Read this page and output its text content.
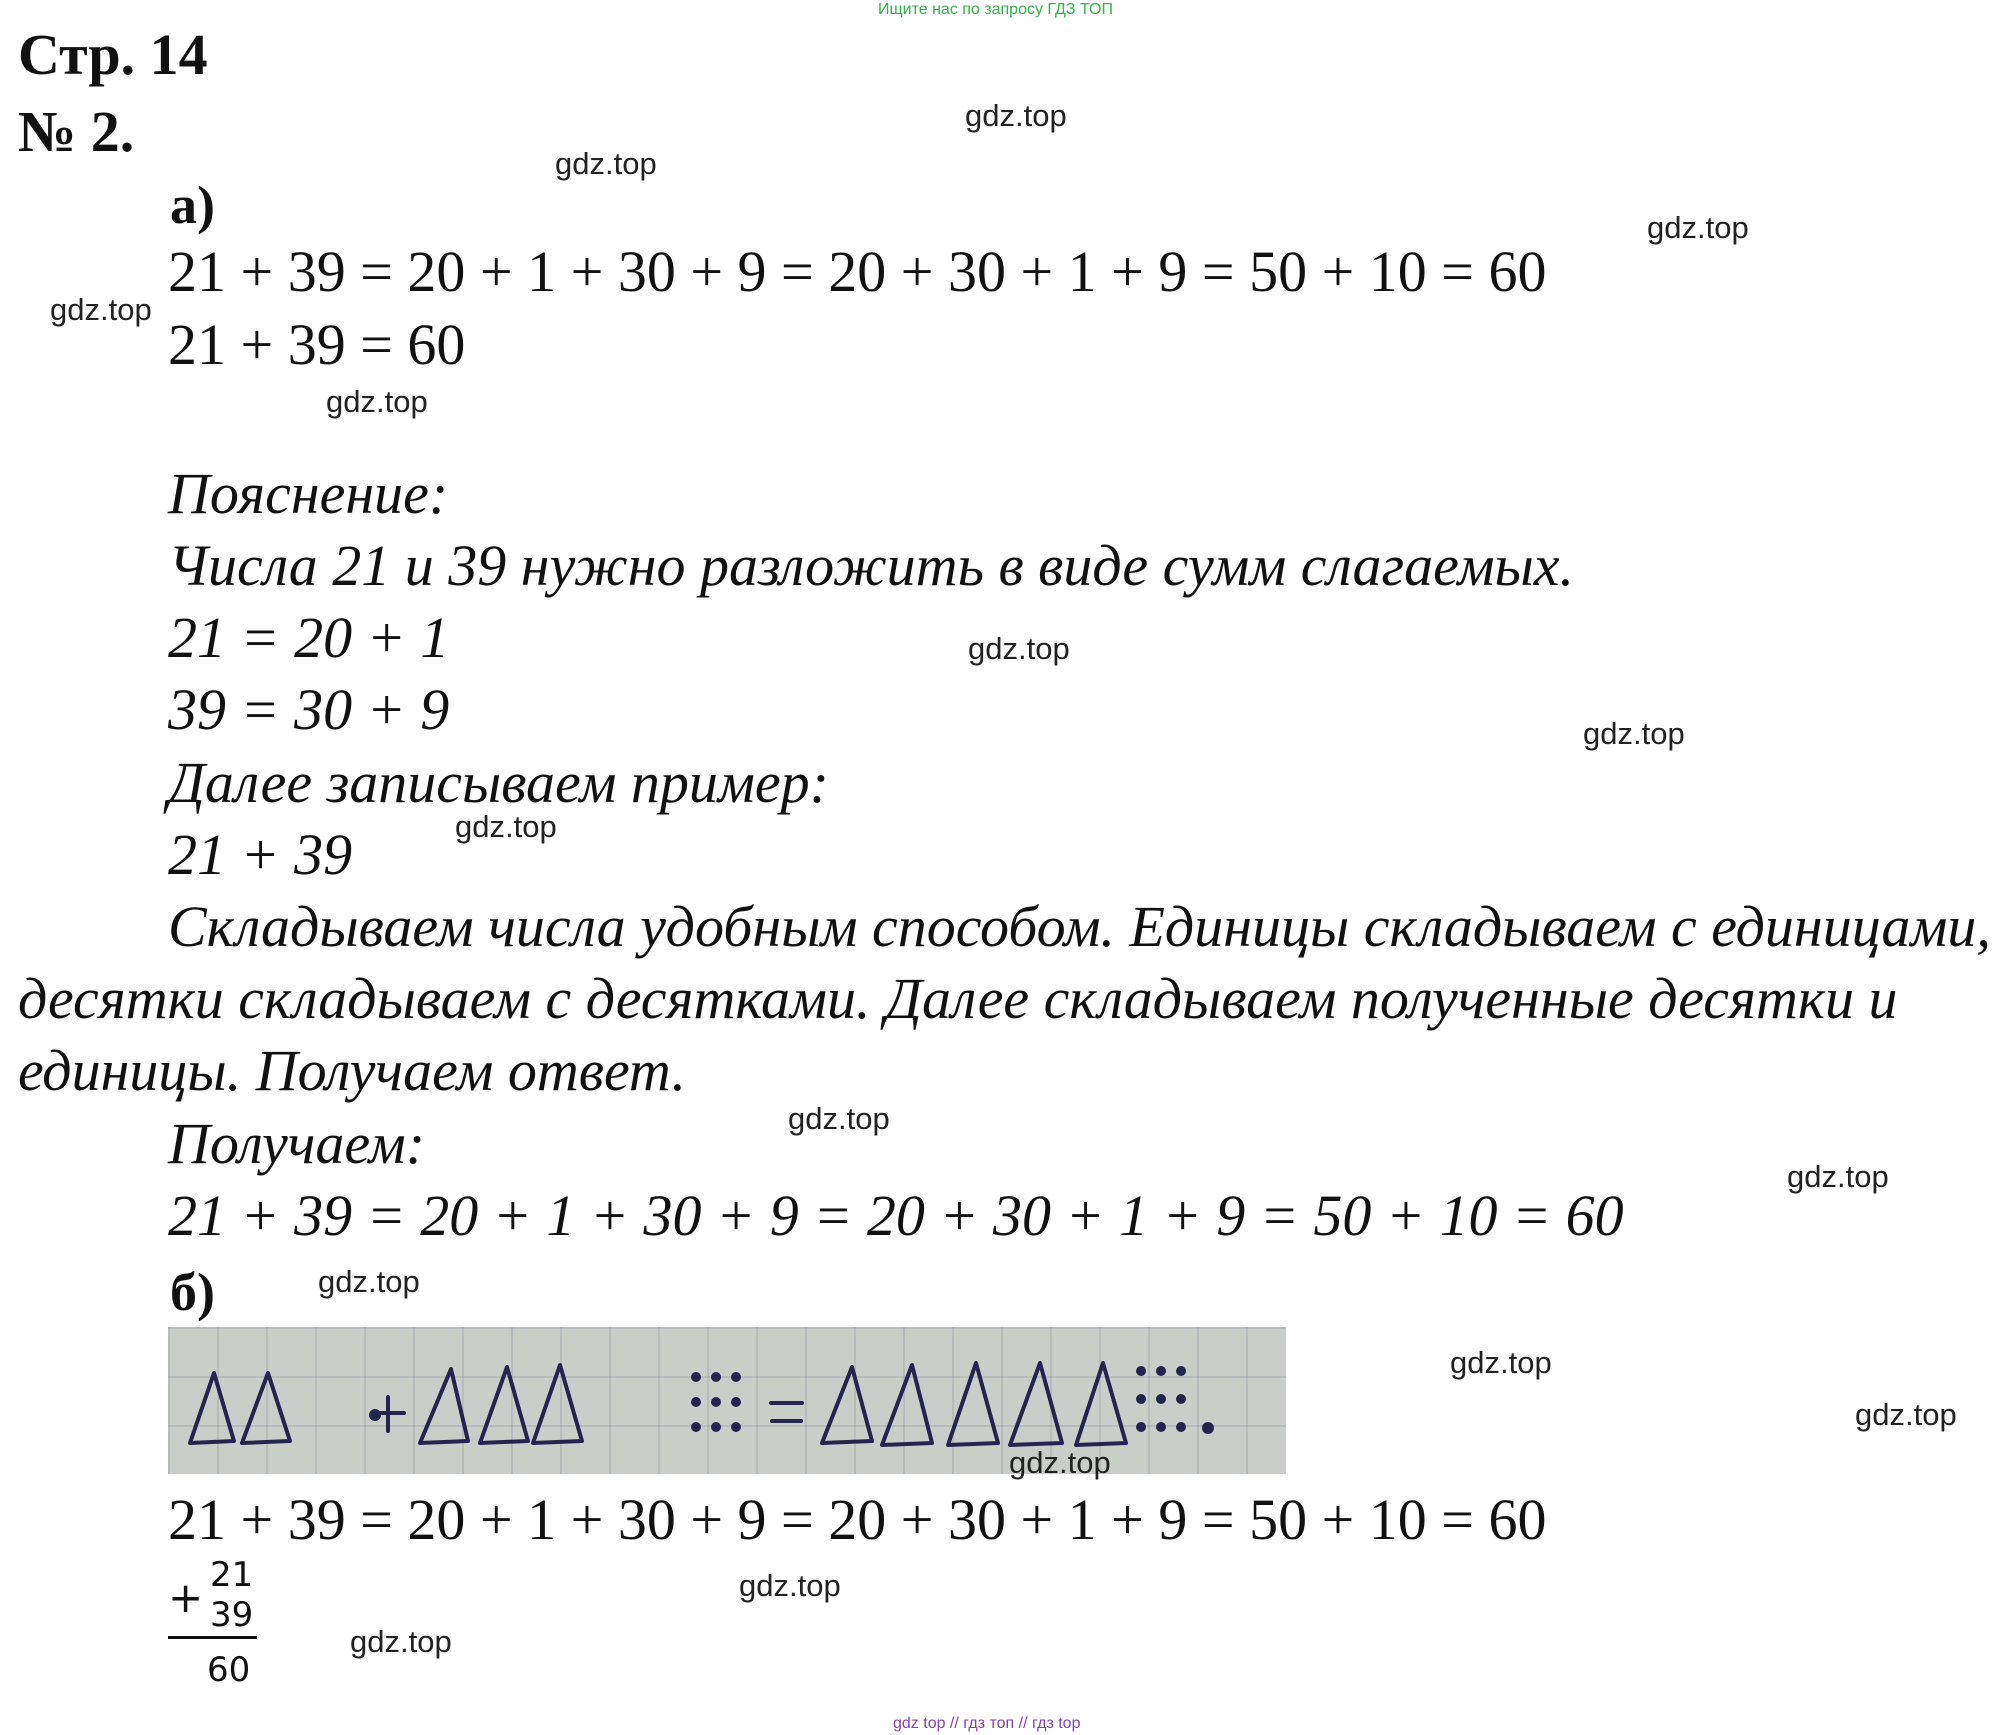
Ищите нас по запросу ГДЗ ТОП
Стр. 14
№ 2.
а)
21 + 39 = 20 + 1 + 30 + 9 = 20 + 30 + 1 + 9 = 50 + 10 = 60
21 + 39 = 60
Пояснение:
Числа 21 и 39 нужно разложить в виде сумм слагаемых.
21 = 20 + 1
39 = 30 + 9
Далее записываем пример:
21 + 39
Складываем числа удобным способом. Единицы складываем с единицами,
десятки складываем с десятками. Далее складываем полученные десятки и
единицы. Получаем ответ.
Получаем:
21 + 39 = 20 + 1 + 30 + 9 = 20 + 30 + 1 + 9 = 50 + 10 = 60
б)
21 + 39 = 20 + 1 + 30 + 9 = 20 + 30 + 1 + 9 = 50 + 10 = 60
+ 21
39
60
gdz.top
gdz.top
gdz.top
gdz.top
gdz.top
gdz.top
gdz.top
gdz.top
gdz.top
gdz.top
gdz.top
gdz.top
gdz.top
gdz.top
gdz.top
gdz.top
gdz top // гдз топ // гдз top
